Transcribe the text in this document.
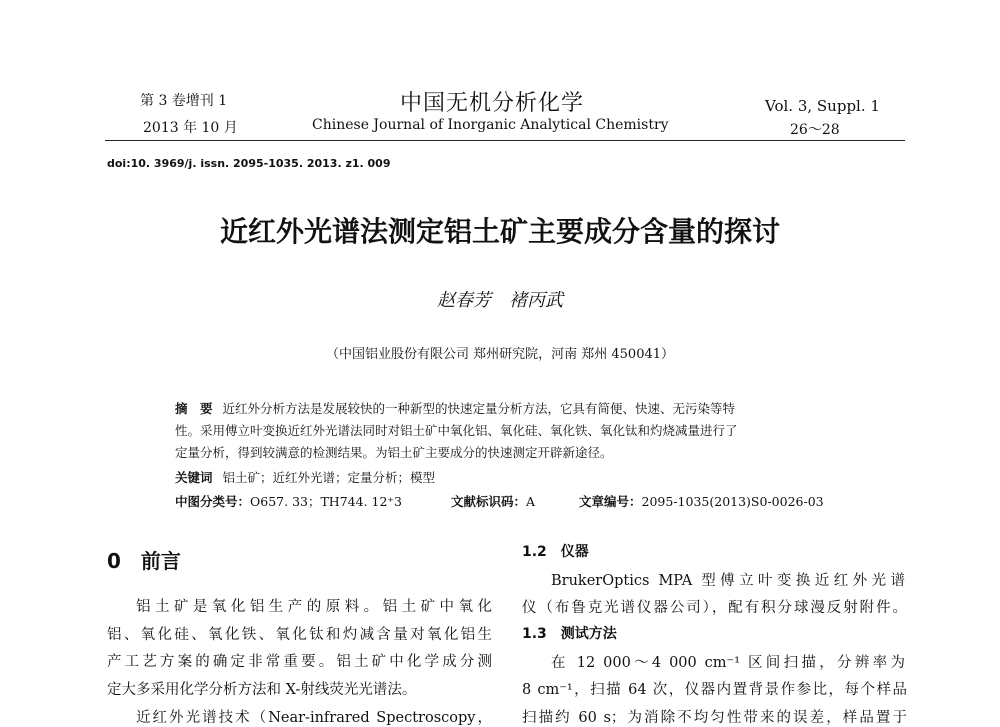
第 3 卷增刊 1
2013 年 10 月
中国无机分析化学
Chinese Journal of Inorganic Analytical Chemistry
Vol. 3, Suppl. 1
26～28
doi:10. 3969/j. issn. 2095-1035. 2013. z1. 009
近红外光谱法测定铝土矿主要成分含量的探讨
赵春芳　褚丙武
（中国铝业股份有限公司 郑州研究院，河南 郑州 450041）
摘　要 近红外分析方法是发展较快的一种新型的快速定量分析方法，它具有简便、快速、无污染等特
性。采用傅立叶变换近红外光谱法同时对铝土矿中氧化铝、氧化硅、氧化铁、氧化钛和灼烧减量进行了
定量分析，得到较满意的检测结果。为铝土矿主要成分的快速测定开辟新途径。
关键词 铝土矿；近红外光谱；定量分析；模型
中图分类号：O657. 33；TH744. 12⁺3	文献标识码：A	文章编号：2095-1035(2013)S0-0026-03
0　前言
铝土矿是氧化铝生产的原料。铝土矿中氧化
铝、氧化硅、氧化铁、氧化钛和灼减含量对氧化铝生
产工艺方案的确定非常重要。铝土矿中化学成分测
定大多采用化学分析方法和 X-射线荧光光谱法。
近红外光谱技术（Near-infrared Spectroscopy，
1.2　仪器
BrukerOptics MPA 型傅立叶变换近红外光谱
仪（布鲁克光谱仪器公司），配有积分球漫反射附件。
1.3　测试方法
在 12 000～4 000 cm⁻¹ 区间扫描，分辨率为
8 cm⁻¹，扫描 64 次，仪器内置背景作参比，每个样品
扫描约 60 s；为消除不均匀性带来的误差，样品置于
